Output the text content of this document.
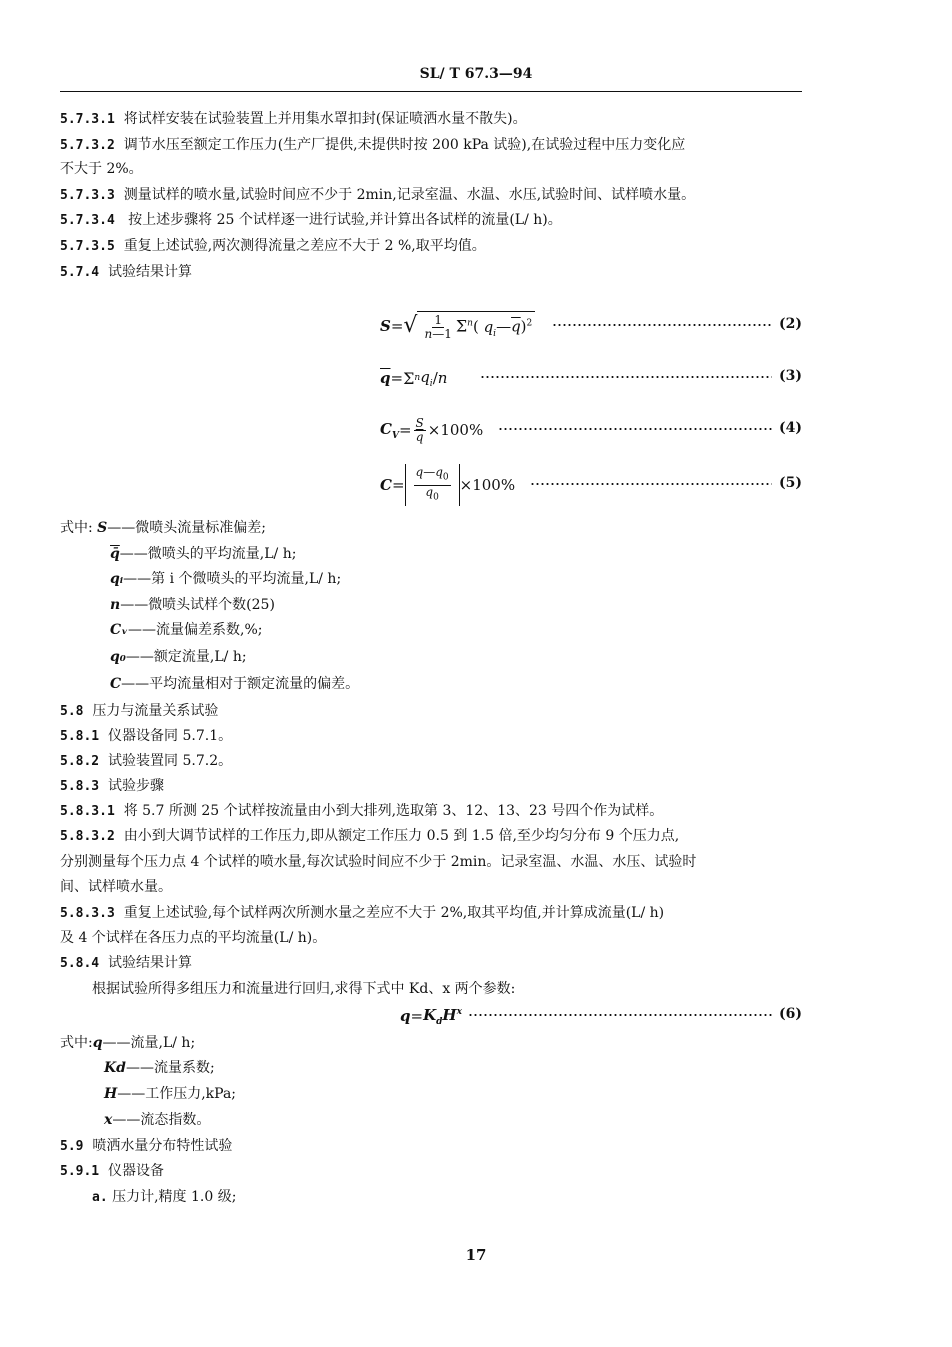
SL/ T 67.3—94
5.7.3.1 将试样安装在试验装置上并用集水罩扣封(保证喷洒水量不散失)。
5.7.3.2 调节水压至额定工作压力(生产厂提供,未提供时按 200 kPa 试验),在试验过程中压力变化应
不大于 2%。
5.7.3.3 测量试样的喷水量,试验时间应不少于 2min,记录室温、水温、水压,试验时间、试样喷水量。
5.7.3.4 按上述步骤将 25 个试样逐一进行试验,并计算出各试样的流量(L/ h)。
5.7.3.5 重复上述试验,两次测得流量之差应不大于 2 %,取平均值。
5.7.4 试验结果计算
S = √ $\frac{1}{n—1} \Sigma^n$( $q_i—\overline{q})^2$	(2)
$\overline{q} = \Sigma$ n $q_i$ / n	(3)
$C_V = \frac{S}{q} \times 100\%$	(4)
$C = \frac{q—q_0}{q_0} \times 100\%$	(5)
式中: S——微喷头流量标准偏差;
q̄——微喷头的平均流量,L/ h;
qᵢ——第 i 个微喷头的平均流量,L/ h;
n——微喷头试样个数(25)
Cᵥ——流量偏差系数,%;
q₀——额定流量,L/ h;
C——平均流量相对于额定流量的偏差。
5.8 压力与流量关系试验
5.8.1 仪器设备同 5.7.1。
5.8.2 试验装置同 5.7.2。
5.8.3 试验步骤
5.8.3.1 将 5.7 所测 25 个试样按流量由小到大排列,选取第 3、12、13、23 号四个作为试样。
5.8.3.2 由小到大调节试样的工作压力,即从额定工作压力 0.5 到 1.5 倍,至少均匀分布 9 个压力点,
分别测量每个压力点 4 个试样的喷水量,每次试验时间应不少于 2min。记录室温、水温、水压、试验时
间、试样喷水量。
5.8.3.3 重复上述试验,每个试样两次所测水量之差应不大于 2%,取其平均值,并计算成流量(L/ h)
及 4 个试样在各压力点的平均流量(L/ h)。
5.8.4 试验结果计算
根据试验所得多组压力和流量进行回归,求得下式中 Kd、x 两个参数:
$q = K_dH^x$	(6)
式中:q——流量,L/ h;
Kd——流量系数;
H——工作压力,kPa;
x——流态指数。
5.9 喷洒水量分布特性试验
5.9.1 仪器设备
a. 压力计,精度 1.0 级;
17
